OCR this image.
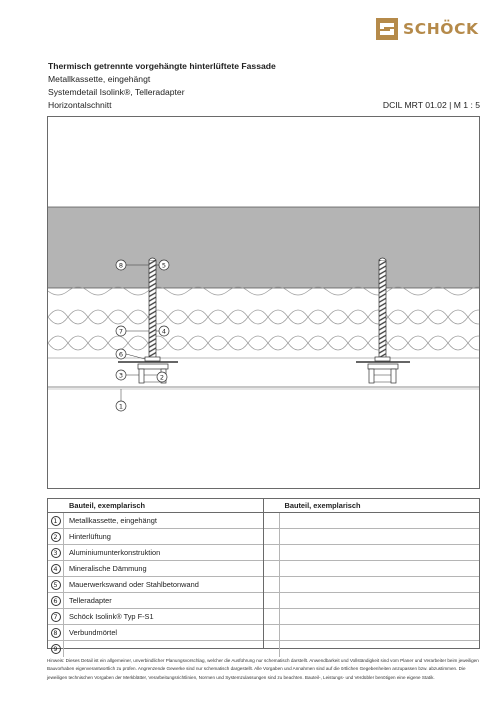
SCHÖCK
Thermisch getrennte vorgehängte hinterlüftete Fassade
Metallkassette, eingehängt
Systemdetail Isolink®, Telleradapter
Horizontalschnitt	DCIL MRT 01.02 | M 1 : 5
8	5
7	4
6
3	2
1
Bauteil, exemplarisch
1	Metallkassette, eingehängt
2	Hinterlüftung
3	Aluminiumunterkonstruktion
4	Mineralische Dämmung
5	Mauerwerkswand oder Stahlbetonwand
6	Telleradapter
7	Schöck Isolink® Typ F-S1
8	Verbundmörtel
9
Bauteil, exemplarisch
Hinweis: Dieses Detail ist ein allgemeiner, unverbindlicher Planungsvorschlag, welcher die Ausführung nur schematisch darstellt. Anwendbarkeit und Vollständigkeit sind vom Planer und Verarbeiter beim jeweiligen Bauvorhaben eigenverantwortlich zu prüfen. Angrenzende Gewerke sind nur schematisch dargestellt. Alle Vorgaben und Annahmen sind auf die örtlichen Gegebenheiten anzupassen bzw. abzustimmen. Die jeweiligen technischen Vorgaben der Merkblätter, Verarbeitungsrichtlinien, Normen und Systemzulassungen sind zu beachten. Bauteil-, Leistungs- und Verdübler benötigen eine eigene Statik.
